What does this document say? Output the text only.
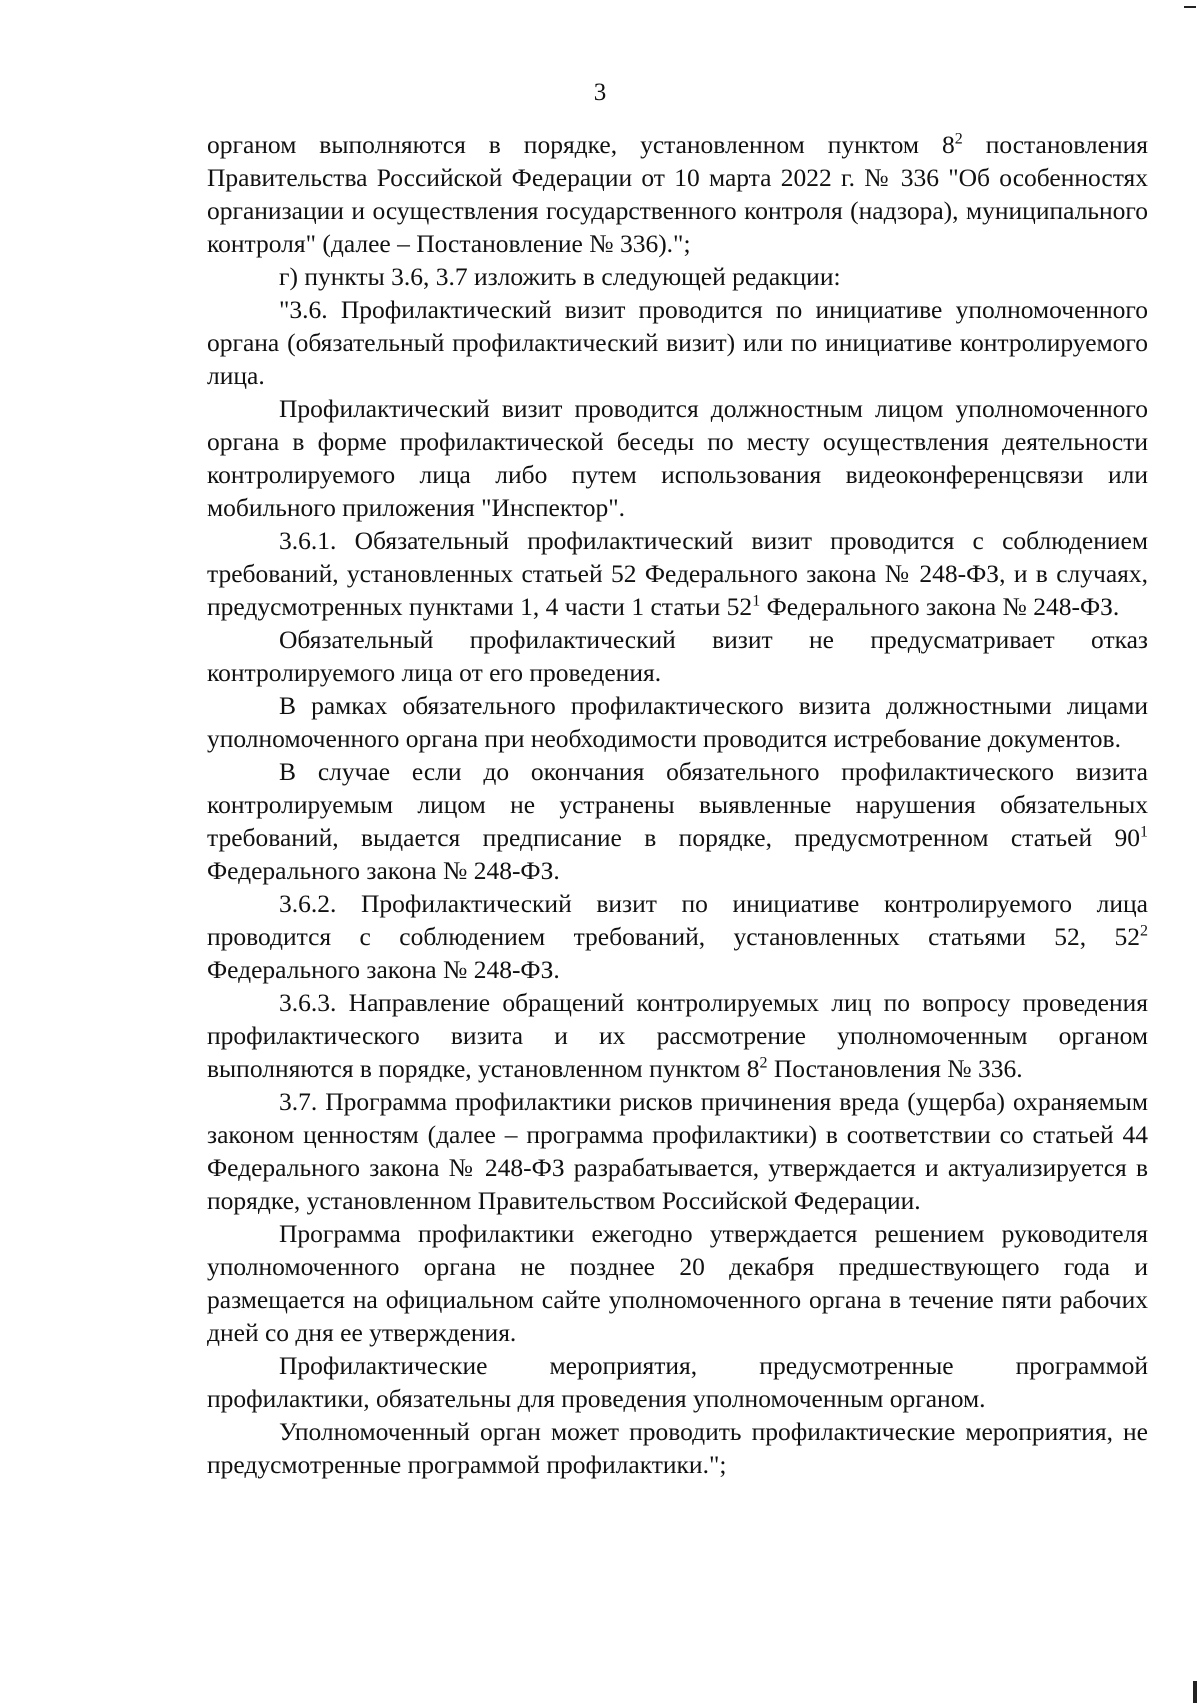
3

органом выполняются в порядке, установленном пунктом $8^2$ постановления Правительства Российской Федерации от 10 марта 2022 г. № 336 "Об особенностях организации и осуществления государственного контроля (надзора), муниципального контроля" (далее – Постановление № 336).";

г) пункты 3.6, 3.7 изложить в следующей редакции:

"3.6. Профилактический визит проводится по инициативе уполномоченного органа (обязательный профилактический визит) или по инициативе контролируемого лица.

Профилактический визит проводится должностным лицом уполномоченного органа в форме профилактической беседы по месту осуществления деятельности контролируемого лица либо путем использования видеоконференцсвязи или мобильного приложения "Инспектор".

3.6.1. Обязательный профилактический визит проводится с соблюдением требований, установленных статьей 52 Федерального закона № 248-ФЗ, и в случаях, предусмотренных пунктами 1, 4 части 1 статьи $52^1$ Федерального закона № 248-ФЗ.

Обязательный профилактический визит не предусматривает отказ контролируемого лица от его проведения.

В рамках обязательного профилактического визита должностными лицами уполномоченного органа при необходимости проводится истребование документов.

В случае если до окончания обязательного профилактического визита контролируемым лицом не устранены выявленные нарушения обязательных требований, выдается предписание в порядке, предусмотренном статьей $90^1$ Федерального закона № 248-ФЗ.

3.6.2. Профилактический визит по инициативе контролируемого лица проводится с соблюдением требований, установленных статьями 52, $52^2$ Федерального закона № 248-ФЗ.

3.6.3. Направление обращений контролируемых лиц по вопросу проведения профилактического визита и их рассмотрение уполномоченным органом выполняются в порядке, установленном пунктом $8^2$ Постановления № 336.

3.7. Программа профилактики рисков причинения вреда (ущерба) охраняемым законом ценностям (далее – программа профилактики) в соответствии со статьей 44 Федерального закона № 248-ФЗ разрабатывается, утверждается и актуализируется в порядке, установленном Правительством Российской Федерации.

Программа профилактики ежегодно утверждается решением руководителя уполномоченного органа не позднее 20 декабря предшествующего года и размещается на официальном сайте уполномоченного органа в течение пяти рабочих дней со дня ее утверждения.

Профилактические мероприятия, предусмотренные программой профилактики, обязательны для проведения уполномоченным органом.

Уполномоченный орган может проводить профилактические мероприятия, не предусмотренные программой профилактики.";
